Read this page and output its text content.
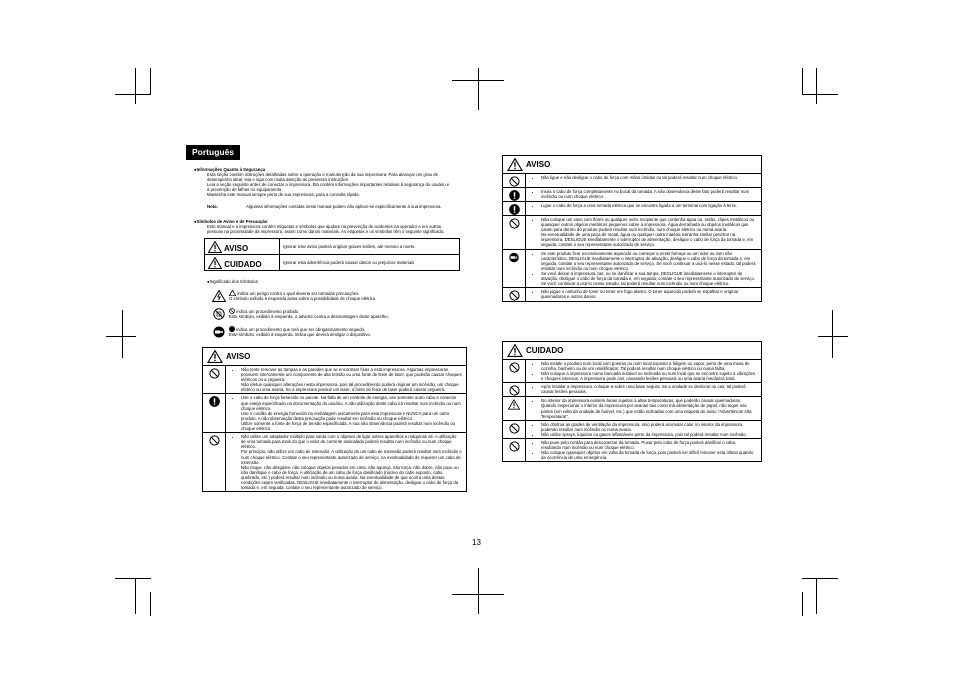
Português
●Informações Quanto à Segurança
Esta seção contém instruções detalhadas sobre a operação e manutenção da sua impressora. Para alcançar um grau de
desempenho ideal, leia e siga com muita atenção as presentes instruções.
Leia a seção seguinte antes de conectar a impressora. Ela contém informações importantes relativas à segurança do usuário e
à prevenção de falhas no equipamento.
Mantenha este manual sempre perto de sua impressora, para a consulta rápida.
Nota:	Algumas informações contidas neste manual podem não aplicar-se especificamente à sua impressora.
●Símbolos de Aviso e de Precaução
Este manual e a impressora contém etiquetas e símbolos que ajudam na prevenção de acidentes na operador e em outras
pessoas na proximidade da impressora, assim como danos materiais. As etiquetas e os símbolos têm o seguinte significado:
AVISO	Ignorar este aviso poderá originar graves lesões, até mesmo a morte.
CUIDADO	Ignorar esta advertência poderá causar danos ou prejuízos materiais
●Significado dos Símbolos
indica um perigo contra o qual deveria ser tomadas precauções.
O símbolo exibido à esquerda avisa sobre a possibilidade de choque elétrico.
indica um procedimento proibido
Este símbolo, exibido à esquerda, o adverte contra a desmontagem deste aparelho.
indica um procedimento que terá que ser obrigatoriamente seguido.
Este símbolo, exibido à esquerda, indica que deverá desligar o dispositivo.
AVISO
• Não tente remover as tampas e as paredes que se encontram fixas a esta impressora. Algumas impressoras possuem internamente um componente de alta tensão ou uma fonte de feixe de laser, que poderão causar choques elétricos ou a cegueira.
Não efetue quaisquer alterações nesta impressora, pois tal procedimento poderá originar um incêndio, um choque elétrico ou uma avaria. Se a impressora possuir um laser, a fonte do feixe de laser poderá causar cegueira.
• Use o cabo de força fornecido no pacote. Na falta de um controle de energia, use somente outro cabo e conector que esteja especificado na documentação do usuário. A não utilização deste cabo irá resultar num incêndio ou num choque elétrico.
Use o cordão de energia fornecido na embalagem unicamente para esta impressora e NUNCA para um outro produto. A não observação desta precaução pode resultar em incêndio ou choque elétrico.
Utilize somente a fonte de força de tensão especificada. A sua não observância poderá resultar num incêndio ou choque elétrico.
• Não utilize um adaptador múltiplo para saída com o objetivo de ligar outros aparelhos e máquinas ali. A utilização de uma tomada para mais do que o valor de corrente assinalado poderá resultar num incêndio ou num choque elétrico.
Por princípio, não utilize um cabo de extensão. A utilização de um cabo de extensão poderá resultar num incêndio e num choque elétrico. Contate o seu representante autorizado de serviço, na eventualidade de requerer um cabo de extensão.
Não risque, não desgaste, não coloque objetos pesados em cima, não aqueça, não torça, não dobre, não puxe ou não danifique o cabo de força. A utilização de um cabo de força danificado (núcleo do cabo exposto, cabo quebrado, etc.) poderá resultar num incêndio ou numa avaria. Na eventualidade de que ocorra uma destas condições sejam verificadas, DESLIGUE imediatamente o interruptor de alimentação, desligue o cabo de força da tomada e, em seguida, contate o seu representante autorizado de serviço.
AVISO
• Não ligue e não desligue o cabo de força com mãos úmidas ou tal poderá resultar num choque elétrico.
• Insira o cabo de força completamente no bocal da tomada. A não observância deste fato poderá resultar num incêndio ou num choque elétrico.
• Ligue o cabo de força a uma tomada elétrica que se encontre ligada a um terminal com ligação à terra.
• Não coloque um vaso com flores ou qualquer outro recipiente que contenha água ou, então, clipes metálicos ou quaisquer outros objetos metálicos pequenos sobre a impressora. Água derramada ou objetos metálicos que caiam para dentro do produto poderá resultar num incêndio, num choque elétrico ou numa avaria.
Na eventualidade de uma peça de metal, água ou qualquer outra matéria estranha similar penetrar na impressora, DESLIGUE imediatamente o interruptor de alimentação, desligue o cabo de força da tomada e, em seguida, contate o seu representante autorizado de serviço.
• Se este produto ficar excessivamente aquecido ou começar a emitir fumaça ou um odor ou som não característico, DESLIGUE imediatamente o interruptor de ativação, desligue o cabo de força da tomada e, em seguida, contate o seu representante autorizado de serviço. Se você continuar a usá-lo nesse estado, tal poderá resultar num incêndio ou num choque elétrico.
• Se você deixar a impressora cair, ou se danificar a sua tampa, DESLIGUE imediatamente o interruptor de ativação, desligue o cabo de força da tomada e, em seguida, contate o seu representante autorizado de serviço. Se você continuar a usá-lo nesse estado, tal poderá resultar num incêndio ou num choque elétrico.
• Não jogue o cartucho de toner ou toner em fogo aberto. O toner aquecido poderá se espalhar e originar queimaduras e outros danos.
CUIDADO
• Não instale o produto num local com poeiras ou num local exposto a fuligem ou vapor, perto de uma mesa de cozinha, banheiro ou de um umidificador. Tal poderá resultar num choque elétrico ou numa falha.
• Não coloque a impressora numa bancada instável ou inclinada ou num local que se encontre sujeito a vibrações e choques intensos. A impressora pode cair, causando lesões pessoais ou uma avaria mecânica total.
• Após instalar a impressora, coloque-a sobre uma base segura. Se a unidade se deslocar ou cair, tal poderá causar lesões pessoais.
• No interior da impressora existem áreas sujeitas a altas temperaturas, que poderão causar queimaduras.
Quando inspecionar o interior da impressora por avarias tais como má alimentação de papel, não toque nas partes (em volta da unidade de fusível, etc.) que estão indicadas com uma etiqueta de aviso "Advertência! Alta Temperatura!".
• Não obstrua as grades de ventilação da impressora. Isso poderá acumular calor no interior da impressora, podendo resultar num incêndio ou numa avaria.
• Não utilize sprays, líquidos ou gases inflamáveis perto da impressora, pois tal poderá resultar num incêndio.
• Não puxe pelo cordão para desconectar da tomada. Puxar pelo cabo de força poderá danificar o cabo, resultando num incêndio ou num choque elétrico.
• Não coloque quaisquer objetos em volta da tomada de força, pois poderá ser difícil remover esta última quando da ocorrência de uma emergência.
13
